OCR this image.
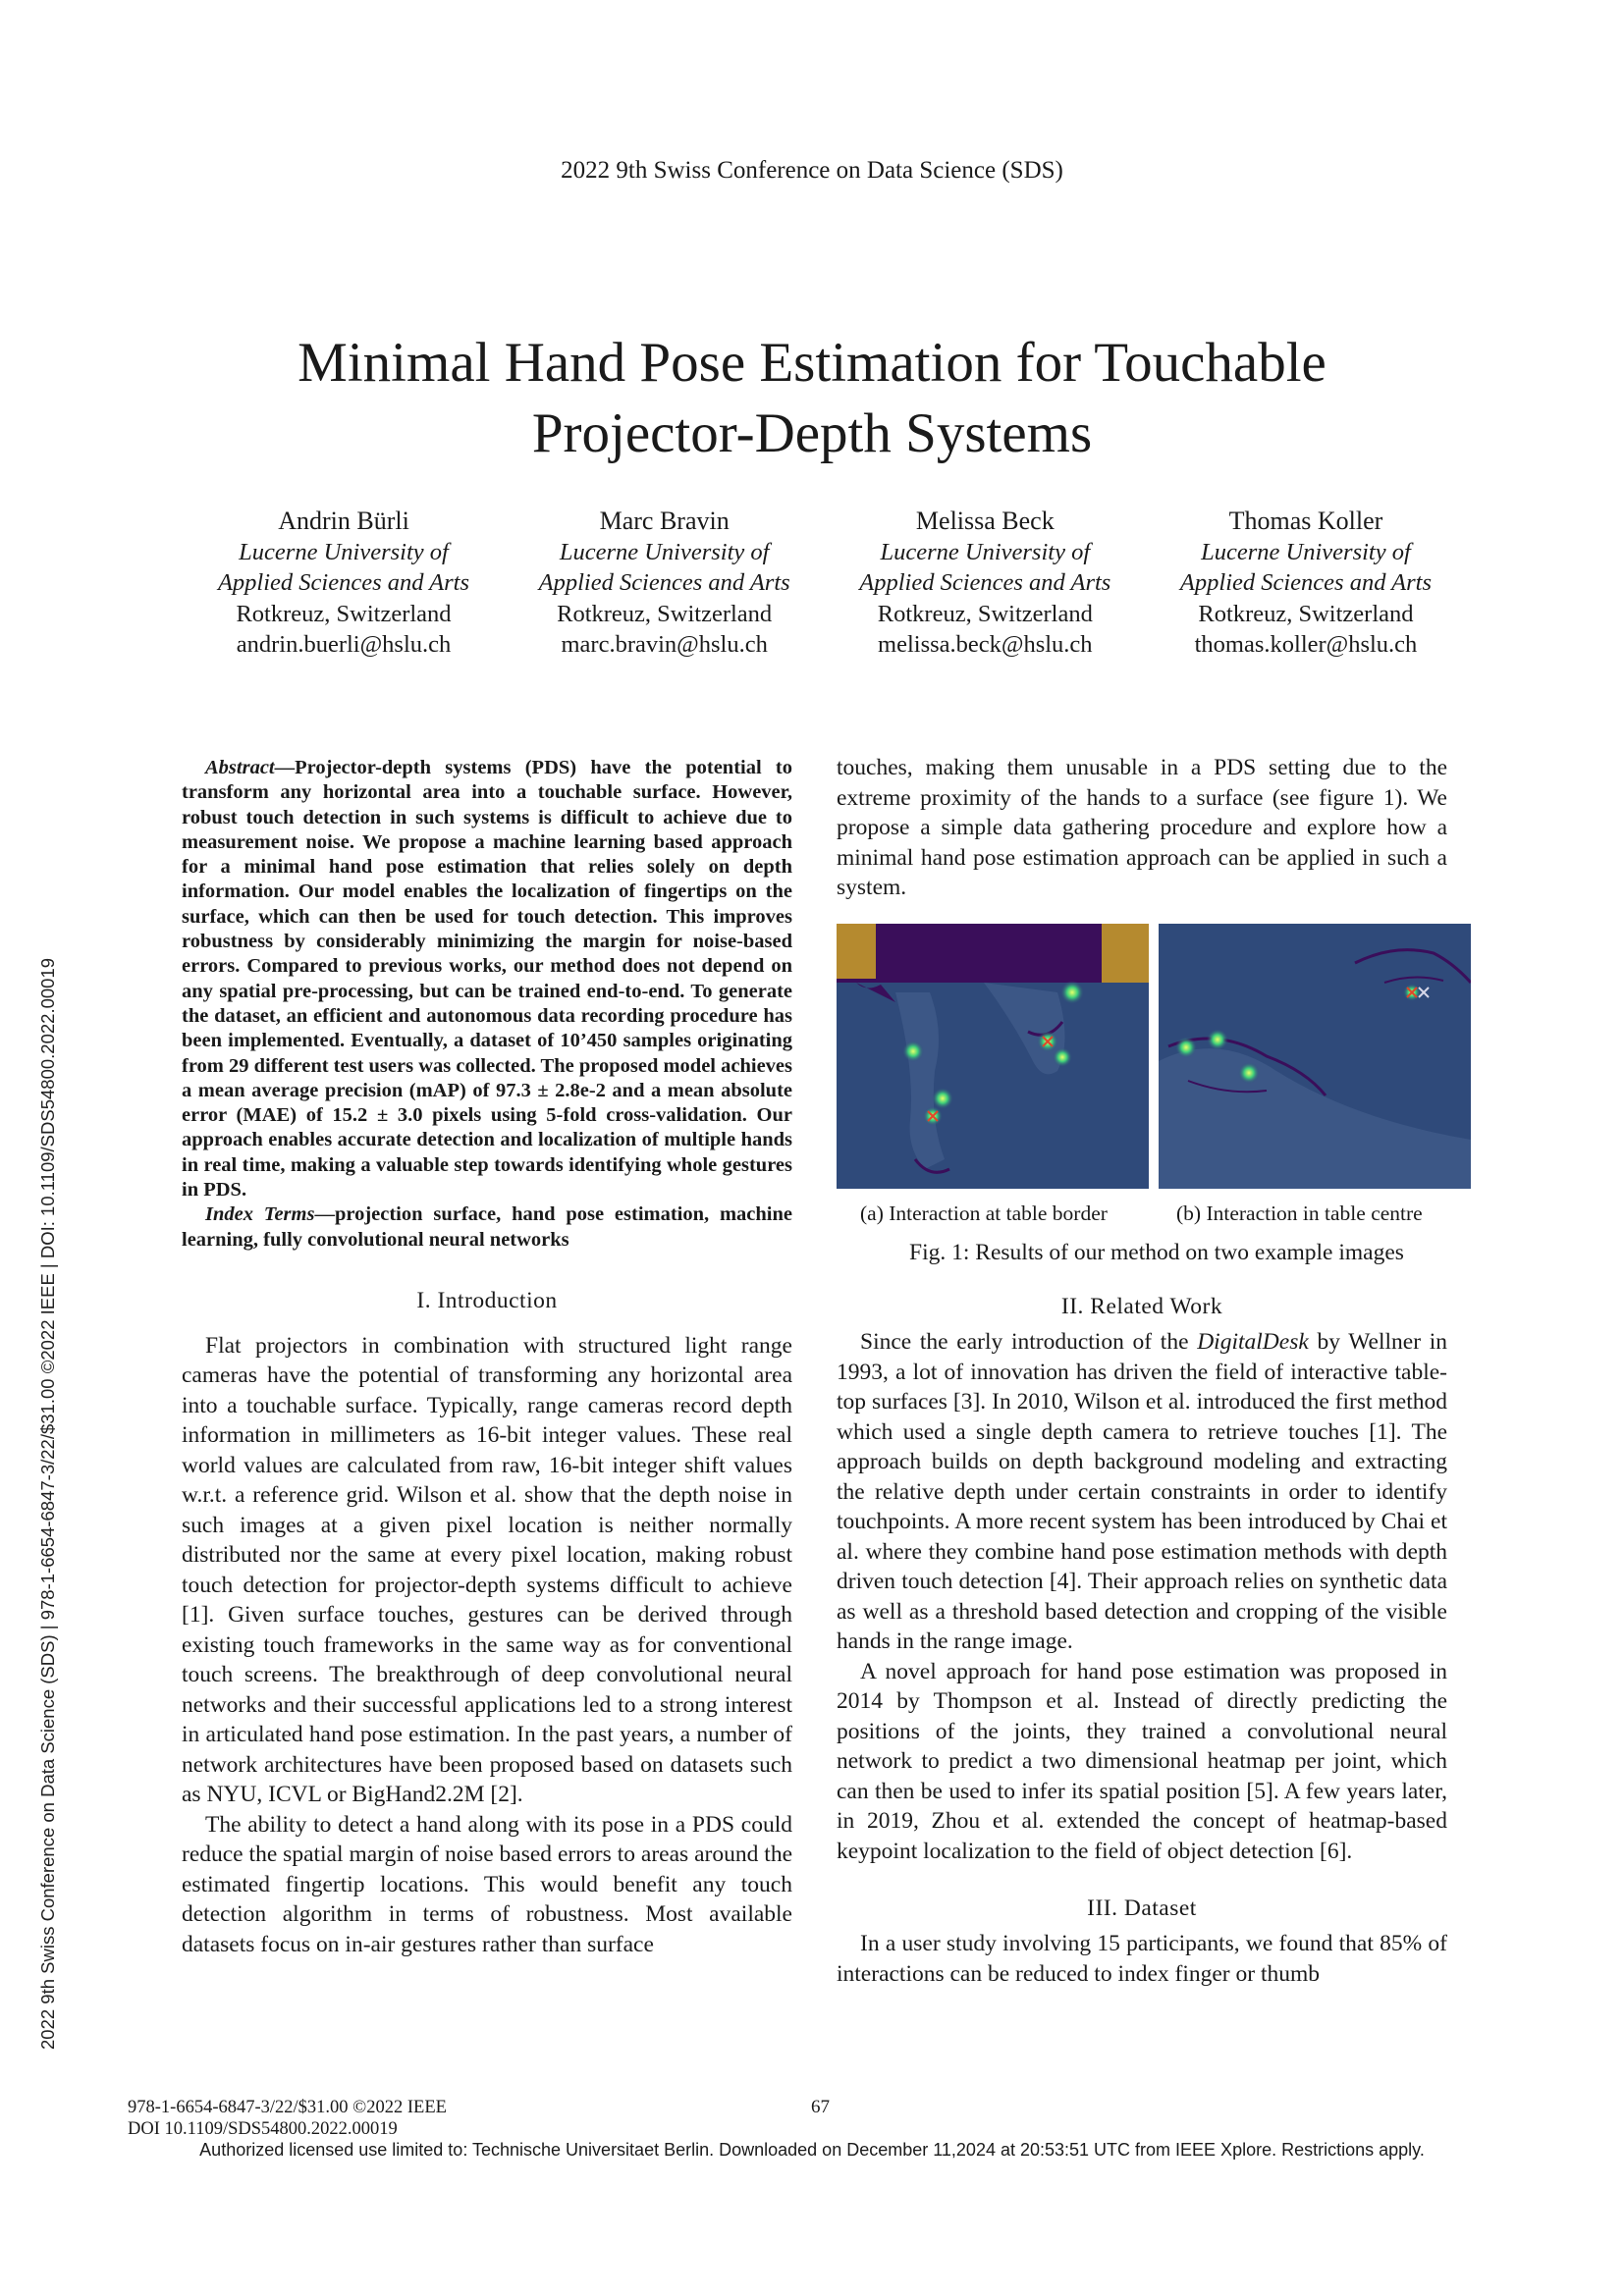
2022 9th Swiss Conference on Data Science (SDS)
Minimal Hand Pose Estimation for Touchable
Projector-Depth Systems
Andrin Bürli
Lucerne University of
Applied Sciences and Arts
Rotkreuz, Switzerland
andrin.buerli@hslu.ch
Marc Bravin
Lucerne University of
Applied Sciences and Arts
Rotkreuz, Switzerland
marc.bravin@hslu.ch
Melissa Beck
Lucerne University of
Applied Sciences and Arts
Rotkreuz, Switzerland
melissa.beck@hslu.ch
Thomas Koller
Lucerne University of
Applied Sciences and Arts
Rotkreuz, Switzerland
thomas.koller@hslu.ch

Abstract—Projector-depth systems (PDS) have the potential to transform any horizontal area into a touchable surface. However, robust touch detection in such systems is difficult to achieve due to measurement noise. We propose a machine learning based approach for a minimal hand pose estimation that relies solely on depth information. Our model enables the localization of fingertips on the surface, which can then be used for touch detection. This improves robustness by considerably minimizing the margin for noise-based errors. Compared to previous works, our method does not depend on any spatial pre-processing, but can be trained end-to-end. To generate the dataset, an efficient and autonomous data recording procedure has been implemented. Eventually, a dataset of 10’450 samples originating from 29 different test users was collected. The proposed model achieves a mean average precision (mAP) of 97.3 ± 2.8e-2 and a mean absolute error (MAE) of 15.2 ± 3.0 pixels using 5-fold cross-validation. Our approach enables accurate detection and localization of multiple hands in real time, making a valuable step towards identifying whole gestures in PDS.

Index Terms—projection surface, hand pose estimation, machine learning, fully convolutional neural networks

I. Introduction

Flat projectors in combination with structured light range cameras have the potential of transforming any horizontal area into a touchable surface. Typically, range cameras record depth information in millimeters as 16-bit integer values. These real world values are calculated from raw, 16-bit integer shift values w.r.t. a reference grid. Wilson et al. show that the depth noise in such images at a given pixel location is neither normally distributed nor the same at every pixel location, making robust touch detection for projector-depth systems difficult to achieve [1]. Given surface touches, gestures can be derived through existing touch frameworks in the same way as for conventional touch screens. The breakthrough of deep convolutional neural networks and their successful applications led to a strong interest in articulated hand pose estimation. In the past years, a number of network architectures have been proposed based on datasets such as NYU, ICVL or BigHand2.2M [2].

The ability to detect a hand along with its pose in a PDS could reduce the spatial margin of noise based errors to areas around the estimated fingertip locations. This would benefit any touch detection algorithm in terms of robustness. Most available datasets focus on in-air gestures rather than surface

touches, making them unusable in a PDS setting due to the extreme proximity of the hands to a surface (see figure 1). We propose a simple data gathering procedure and explore how a minimal hand pose estimation approach can be applied in such a system.

(a) Interaction at table border	(b) Interaction in table centre
Fig. 1: Results of our method on two example images
II. Related Work

Since the early introduction of the DigitalDesk by Wellner in 1993, a lot of innovation has driven the field of interactive table-top surfaces [3]. In 2010, Wilson et al. introduced the first method which used a single depth camera to retrieve touches [1]. The approach builds on depth background modeling and extracting the relative depth under certain constraints in order to identify touchpoints. A more recent system has been introduced by Chai et al. where they combine hand pose estimation methods with depth driven touch detection [4]. Their approach relies on synthetic data as well as a threshold based detection and cropping of the visible hands in the range image.

A novel approach for hand pose estimation was proposed in 2014 by Thompson et al. Instead of directly predicting the positions of the joints, they trained a convolutional neural network to predict a two dimensional heatmap per joint, which can then be used to infer its spatial position [5]. A few years later, in 2019, Zhou et al. extended the concept of heatmap-based keypoint localization to the field of object detection [6].

III. Dataset

In a user study involving 15 participants, we found that 85% of interactions can be reduced to index finger or thumb

2022 9th Swiss Conference on Data Science (SDS) | 978-1-6654-6847-3/22/$31.00 ©2022 IEEE | DOI: 10.1109/SDS54800.2022.00019
978-1-6654-6847-3/22/$31.00 ©2022 IEEE
DOI 10.1109/SDS54800.2022.00019
67
Authorized licensed use limited to: Technische Universitaet Berlin. Downloaded on December 11,2024 at 20:53:51 UTC from IEEE Xplore. Restrictions apply.
